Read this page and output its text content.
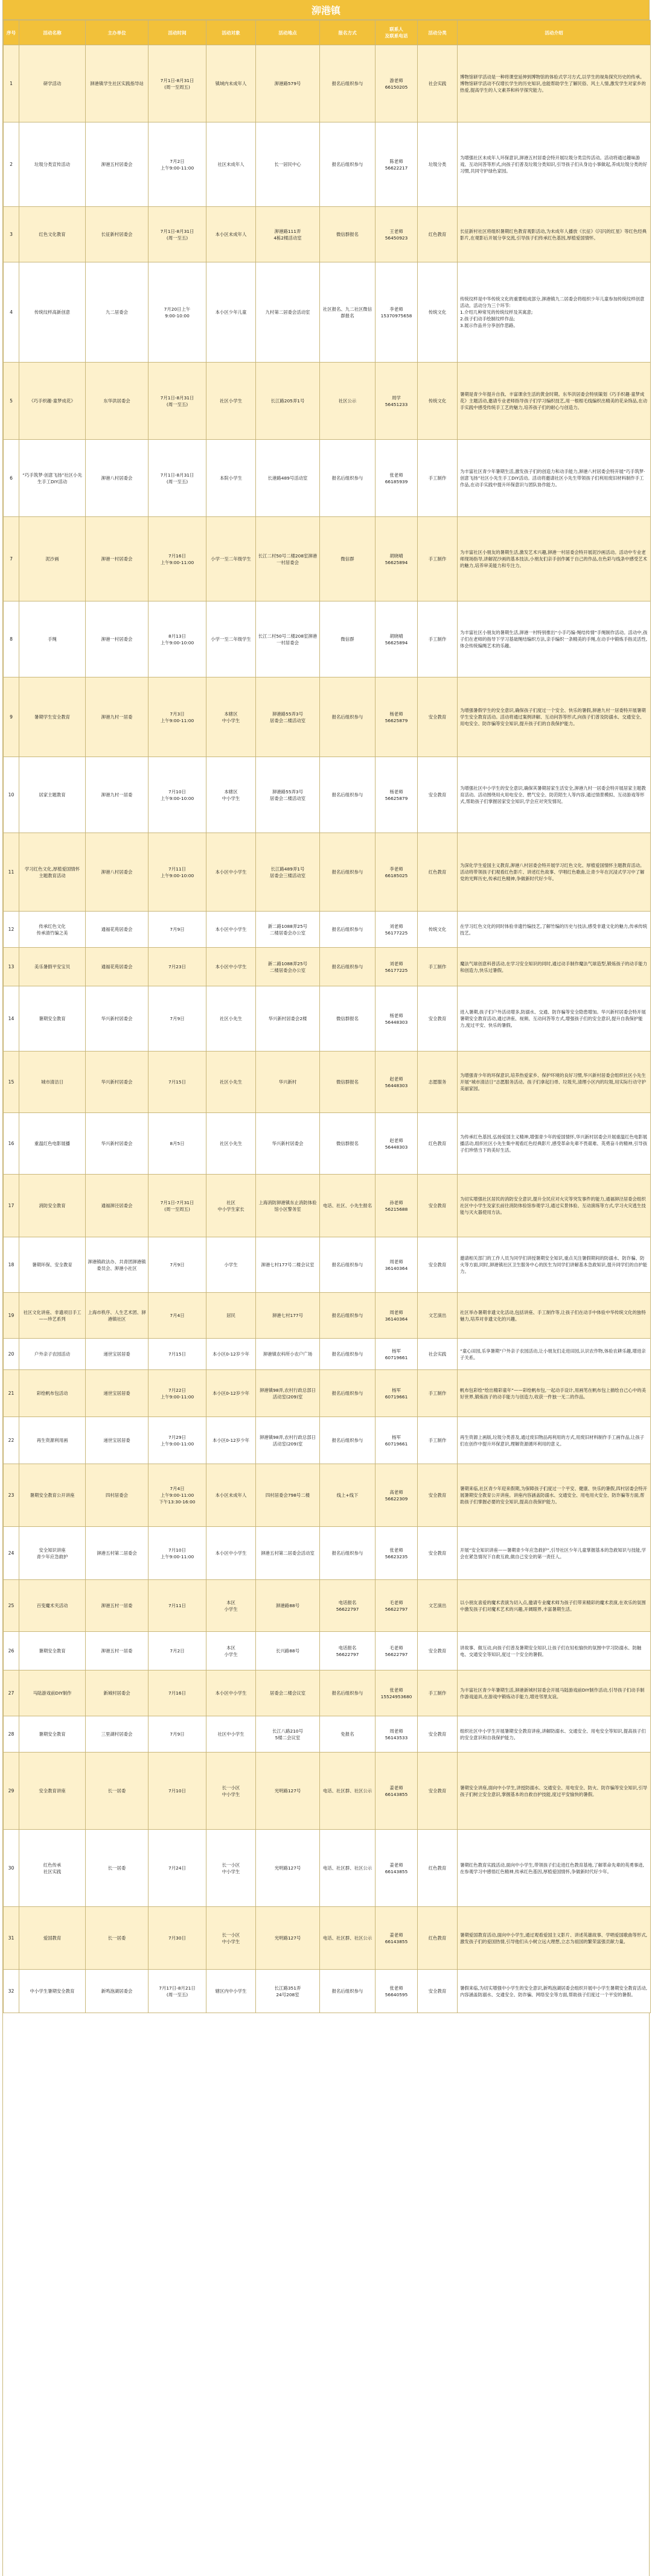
泖港镇
序号	活动名称	主办单位	活动时间	活动对象	活动地点	报名方式	联系人
及联系电话	活动分类	活动介绍
1	研学活动	泖港镇学生社区实践指导站	7月1日-8月31日
(周一至周五)	镇域内未成年人	泖港路579号	报名后组织参与	游老师
66150205	社会实践	博物馆研学活动是一种将课堂延伸到博物馆的体验式学习方式,以学生的视角探究历史的传承。博物馆研学活动不仅增长学生的历史知识,也能帮助学生了解民俗、风土人情,激发学生对家乡的热爱,提高学生的人文素养和科学探究能力。
2	垃圾分类宣传活动	泖港五村居委会	7月2日
上午9:00-11:00	社区未成年人	长一居民中心	报名后组织参与	陈老师
56622217	垃圾分类	为增强社区未成年人环保意识,泖港五村居委会特开展垃圾分类宣传活动。活动将通过趣味游戏、互动问答等形式,向孩子们普及垃圾分类知识,引导孩子们从身边小事做起,养成垃圾分类的好习惯,共同守护绿色家园。
3	红色文化教育	长征新村居委会	7月1日-8月31日
(周一至五)	本小区未成年人	泖港路111弄
4栋2楼活动室	微信群报名	王老师
56450923	红色教育	长征新村社区将组织暑期红色教育观影活动,为未成年人播放《长征》《闪闪的红星》等红色经典影片,在观影后开展分享交流,引导孩子们传承红色基因,厚植爱国情怀。
4	传统纹样高新创意	九二居委会	7月20日上午
9:00-10:00	本小区少年儿童	九村第二居委会活动室	社区报名、九二社区微信群报名	李老师
15370975658	传统文化	传统纹样是中华传统文化的重要组成部分,泖港镇九二居委会将组织少年儿童参加传统纹样创意活动。活动分为三个环节:
1.介绍几种常见的传统纹样及其寓意;
2.孩子们动手绘制纹样作品;
3.展示作品并分享创作思路。
5	《巧手织趣·童梦成花》	东华洪居委会	7月1日-8月31日
(周一至五)	社区小学生	长江路205弄1号	社区公示	周学
56451233	传统文化	暑期是青少年提升自我、丰富课余生活的黄金时期。东华洪居委会特别策划《巧手织趣·童梦成花》主题活动,邀请专业老师指导孩子们学习编织技艺,用一根根毛线编织出精美的花朵饰品,在动手实践中感受传统手工艺的魅力,培养孩子们的耐心与创造力。
6	“巧手筑梦·创意飞扬”社区小先生手工DIY活动	泖港八村居委会	7月1日-8月31日
(周一至五)	本院小学生	长港路489号活动室	报名后组织参与	张老师
66185939	手工制作	为丰富社区青少年暑期生活,激发孩子们的创造力和动手能力,泖港八村居委会特开展“巧手筑梦·创意飞扬”社区小先生手工DIY活动。活动将邀请社区小先生带领孩子们利用废旧材料制作手工作品,在动手实践中提升环保意识与团队协作能力。
7	泥沙画	泖港一村居委会	7月16日
上午9:00-11:00	小学一至二年级学生	长江二村50号二楼208室泖港一村居委会	微信群	胡晓晴
56625894	手工制作	为丰富社区小朋友的暑期生活,激发艺术兴趣,泖港一村居委会特开展泥沙画活动。活动中专业老师现场指导,讲解泥沙画的基本技法,小朋友们亲手创作属于自己的作品,在色彩与线条中感受艺术的魅力,培养审美能力和专注力。
8	手绳	泖港一村居委会	8月13日
上午9:00-10:00	小学一至二年级学生	长江二村50号二楼208室泖港一村居委会	微信群	胡晓晴
56625894	手工制作	为丰富社区小朋友的暑期生活,泖港一村特别推出“小手巧编·绳结传情”手绳制作活动。活动中,孩子们在老师的指导下学习基础绳结编织方法,亲手编织一条精美的手绳,在动手中锻炼手指灵活性,体会传统编绳艺术的乐趣。
9	暑期学生安全教育	泖港九村一居委	7月3日
上午9:00-11:00	本辖区
中小学生	泖港路55弄3号
居委会二楼活动室	报名后组织参与	杨老师
56625879	安全教育	为增强暑假学生的安全意识,确保孩子们度过一个安全、快乐的暑假,泖港九村一居委特开展暑期学生安全教育活动。活动将通过案例讲解、互动问答等形式,向孩子们普及防溺水、交通安全、用电安全、防诈骗等安全知识,提升孩子们的自我保护能力。
10	居家主题教育	泖港九村一居委	7月10日
上午9:00-10:00	本辖区
中小学生	泖港路55弄3号
居委会二楼活动室	报名后组织参与	杨老师
56625879	安全教育	为增强社区中小学生的安全意识,确保其暑期居家生活安全,泖港九村一居委会特开展居家主题教育活动。活动围绕用火用电安全、燃气安全、防范陌生人等内容,通过情景模拟、互动游戏等形式,帮助孩子们掌握居家安全知识,学会应对突发情况。
11	学习红色文化,厚植爱国情怀
主题教育活动	泖港八村居委会	7月11日
上午9:00-10:00	本小区中小学生	长江路489弄1号
居委会三楼活动室	报名后组织参与	李老师
66185025	红色教育	为深化学生爱国主义教育,泖港八村居委会特开展学习红色文化、厚植爱国情怀主题教育活动。活动将带领孩子们观看红色影片、讲述红色故事、学唱红色歌曲,让青少年在沉浸式学习中了解党的光辉历史,传承红色精神,争做新时代好少年。
12	传承红色文化
传承清竹编之美	通福花苑居委会	7月9日	本小区中小学生	新二路1088弄25号
二楼居委会办公室	报名后组织参与	刘老师
56177225	传统文化	在学习红色文化的同时体验非遗竹编技艺,了解竹编的历史与技法,感受非遗文化的魅力,传承传统技艺。
13	美乐暑假平安宝贝	通福花苑居委会	7月23日	本小区中小学生	新二路1088弄25号
二楼居委会办公室	报名后组织参与	刘老师
56177225	手工制作	魔法气球创意科普活动,在学习安全知识的同时,通过动手制作魔法气球造型,锻炼孩子的动手能力和创造力,快乐过暑假。
14	暑期安全教育	华兴新村居委会	7月9日	社区小先生	华兴新村居委会2楼	微信群报名	杨老师
56448303	安全教育	进入暑期,孩子们户外活动增多,防溺水、交通、防诈骗等安全隐患增加。华兴新村居委会特开展暑期安全教育活动,通过讲座、视频、互动问答等方式,增强孩子们的安全意识,提升自我保护能力,度过平安、快乐的暑假。
15	城市清洁日	华兴新村居委会	7月15日	社区小先生	华兴新村	微信群报名	赵老师
56448303	志愿服务	为增强青少年的环保意识,培养热爱家乡、保护环境的良好习惯,华兴新村居委会组织社区小先生开展“城市清洁日”志愿服务活动。孩子们拿起扫帚、垃圾夹,清理小区内的垃圾,用实际行动守护美丽家园。
16	重温红色电影展播	华兴新村居委会	8月5日	社区小先生	华兴新村居委会	微信群报名	赵老师
56448303	红色教育	为传承红色基因,弘扬爱国主义精神,增强青少年的爱国情怀,华兴新村居委会开展重温红色电影展播活动,组织社区小先生集中观看红色经典影片,感受革命先辈不畏艰难、英勇奋斗的精神,引导孩子们珍惜当下的美好生活。
17	消防安全教育	通福泖泾居委会	7月1日-7月31日
(周一至周五)	社区
中小学生家长	上海消防泖港镇东止消防体验馆小区警务室	电话、社区、小先生报名	孙老师
56215688	安全教育	为切实增强社区居民的消防安全意识,提升全民应对火灾等突发事件的能力,通福泖泾居委会组织社区中小学生及家长前往消防体验馆参观学习,通过实景体验、互动演练等方式,学习火灾逃生技能与灭火器使用方法。
18	暑期环保、安全教育	泖港镇政法办、共青团泖港镇委员会、泖港小社区	7月9日	小学生	泖港七村177号二楼会议室	报名后组织参与	周老师
36140364	安全教育	邀请相关部门的工作人员为同学们讲授暑期安全知识,重点关注暑假期间的防溺水、防诈骗、防火等方面,同时,泖港镇社区卫生服务中心的医生为同学们讲解基本急救知识,提升同学们的自护能力。
19	社区文化讲座、非遗项目手工——珍艺系列	上海市秩序、人生艺术团、泖港镇社区	7月4日	居民	泖港七村177号	报名后组织参与	周老师
36140364	文艺演出	社区举办暑期非遗文化活动,包括讲座、手工制作等,让孩子们在动手中体验中华传统文化的独特魅力,培养对非遗文化的兴趣。
20	户外亲子农园活动	递世宝居居委	7月15日	本小区0-12岁少年	泖港镇农科所小农户广场	报名后组织参与	杨军
60719661	社会实践	“童心田园,乐享暑期”户外亲子农园活动,让小朋友们走进田园,认识农作物,体验农耕乐趣,增进亲子关系。
21	彩绘帆布包活动	递世宝居居委	7月22日
上午9:00-11:00	本小区0-12岁少年	泖港镇98弄,农村行政总部日活动室(209)室	报名后组织参与	杨军
60719661	手工制作	帆布包彩绘“绘出精彩童年”——彩绘帆布包,一起动手设计,用画笔在帆布包上描绘自己心中的美好世界,锻炼孩子的动手能力与创造力,收获一件独一无二的作品。
22	再生资源利用画	递世宝居居委	7月29日
上午9:00-11:00	本小区0-12岁少年	泖港镇98弄,农村行政总部日活动室(209)室	报名后组织参与	杨军
60719661	手工制作	再生资源上画版,垃圾分类普及,通过废旧物品再利用的方式,用废旧材料制作手工画作品,让孩子们在创作中提升环保意识,理解资源循环利用的意义。
23	暑期安全教育公开讲座	四村居委会	7月4日
上午9:00-11:00
下午13:30-16:00	本小区未成年人	四村居委会798号二楼	线上+线下	高老师
56622309	安全教育	暑期来临,社区青少年迎来假期,为保障孩子们度过一个平安、健康、快乐的暑假,四村居委会特开展暑期安全教育公开讲座。讲座内容涵盖防溺水、交通安全、用电用火安全、防诈骗等方面,帮助孩子们掌握必要的安全知识,提高自我保护能力。
24	安全知识讲座
青少年应急救护	泖港五村第二居委会	7月10日
上午9:00-11:00	本小区中小学生	泖港五村第二居委会活动室	报名后组织参与	张老师
56623235	安全教育	开展“安全知识讲座——暑期青少年应急救护”,引导社区少年儿童掌握基本的急救知识与技能,学会在紧急情况下自救互救,做自己安全的第一责任人。
25	百变魔术夹活动	泖港五村一居委	7月11日	本区
小学生	泖港路88号	电话报名
56622797	毛老师
56622797	文艺演出	以小朋友喜爱的魔术表演为切入点,邀请专业魔术师为孩子们带来精彩的魔术表演,在欢乐的氛围中激发孩子们对魔术艺术的兴趣,开阔眼界,丰富暑期生活。
26	暑期安全教育	泖港五村一居委	7月2日	本区
小学生	长兴路88号	电话报名
56622797	毛老师
56622797	安全教育	讲故事、做互动,向孩子们普及暑期安全知识,让孩子们在轻松愉快的氛围中学习防溺水、防触电、交通安全等知识,度过一个安全的暑假。
27	马陆游戏前DIY制作	新城村居委会	7月16日	本小区中小学生	居委会二楼会议室	报名后组织参与	张老师
15524953680	手工制作	为丰富社区青少年暑期生活,泖港新城村居委会开展马陆游戏前DIY制作活动,引导孩子们动手制作游戏道具,在游戏中锻炼动手能力,增进邻里友谊。
28	暑期安全教育	三里湖村居委会	7月9日	社区中小学生	长江八路210号
5楼二会议室	免报名	周老师
56143533	安全教育	组织社区中小学生开展暑期安全教育讲座,讲解防溺水、交通安全、用电安全等知识,提高孩子们的安全意识和自我保护能力。
29	安全教育讲座	长一居委	7月10日	长一小区
中小学生	光明路127号	电话、社区群、社区公示	姜老师
66143855	安全教育	暑期安全讲座,面向中小学生,讲授防溺水、交通安全、用电安全、防火、防诈骗等安全知识,引导孩子们树立安全意识,掌握基本的自救自护技能,度过平安愉快的暑假。
30	红色传承
社区实践	长一居委	7月24日	长一小区
中小学生	光明路127号	电话、社区群、社区公示	姜老师
66143855	红色教育	暑期红色教育实践活动,面向中小学生,带领孩子们走进红色教育基地,了解革命先辈的英勇事迹,在参观学习中感悟红色精神,传承红色基因,厚植爱国情怀,争做新时代好少年。
31	爱国教育	长一居委	7月30日	长一小区
中小学生	光明路127号	电话、社区群、社区公示	姜老师
66143855	红色教育	暑期爱国教育活动,面向中小学生,通过观看爱国主义影片、讲述英雄故事、学唱爱国歌曲等形式,激发孩子们的爱国热情,引导他们从小树立远大理想,立志为祖国的繁荣富强贡献力量。
32	中小学生暑期安全教育	新鸣泡湖居委会	7月17日-8月21日
(周一至五)	辖区内中小学生	长江路351弄
24号208室	报名后组织参与	张老师
56640595	安全教育	暑假来临,为切实增强中小学生的安全意识,新鸣泡湖居委会组织开展中小学生暑期安全教育活动,内容涵盖防溺水、交通安全、防诈骗、网络安全等方面,帮助孩子们度过一个平安的暑假。
